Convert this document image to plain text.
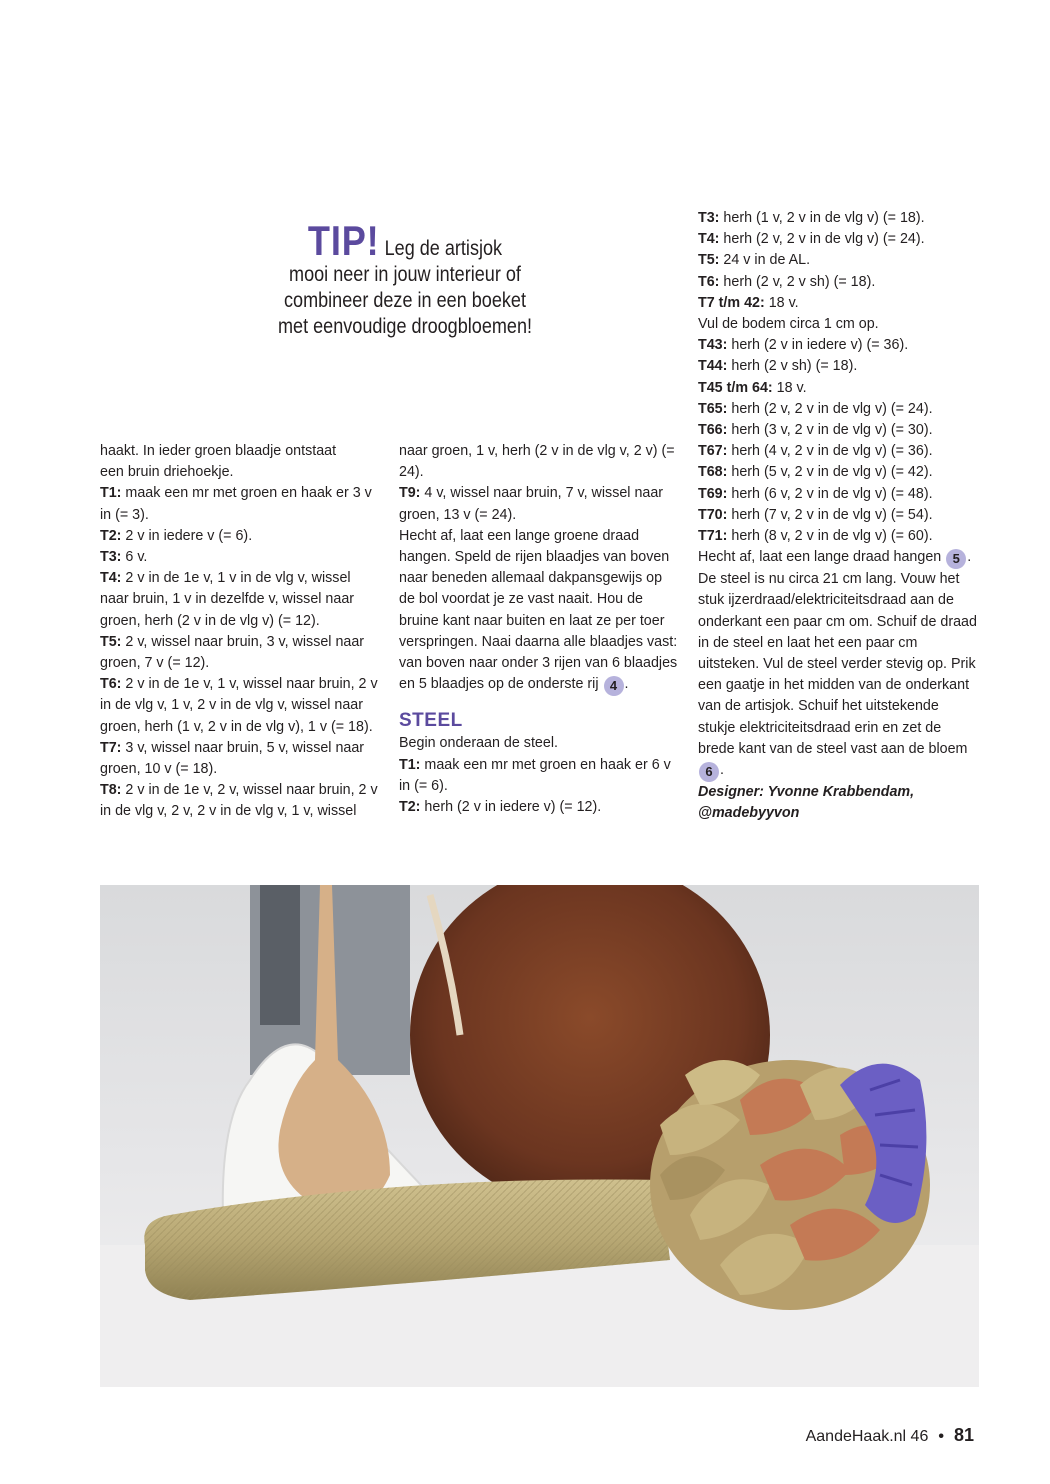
TIP! Leg de artisjok
mooi neer in jouw interieur of
combineer deze in een boeket
met eenvoudige droogbloemen!

haakt. In ieder groen blaadje ontstaat
een bruin driehoekje.

T1: maak een mr met groen en haak er 3 v in (= 3).

T2: 2 v in iedere v (= 6).

T3: 6 v.

T4: 2 v in de 1e v, 1 v in de vlg v, wissel naar bruin, 1 v in dezelfde v, wissel naar groen, herh (2 v in de vlg v) (= 12).

T5: 2 v, wissel naar bruin, 3 v, wissel naar groen, 7 v (= 12).

T6: 2 v in de 1e v, 1 v, wissel naar bruin, 2 v in de vlg v, 1 v, 2 v in de vlg v, wissel naar groen, herh (1 v, 2 v in de vlg v), 1 v (= 18).

T7: 3 v, wissel naar bruin, 5 v, wissel naar groen, 10 v (= 18).

T8: 2 v in de 1e v, 2 v, wissel naar bruin, 2 v in de vlg v, 2 v, 2 v in de vlg v, 1 v, wissel

naar groen, 1 v, herh (2 v in de vlg v, 2 v) (= 24).

T9: 4 v, wissel naar bruin, 7 v, wissel naar groen, 13 v (= 24).

Hecht af, laat een lange groene draad hangen. Speld de rijen blaadjes van boven naar beneden allemaal dakpansgewijs op de bol voordat je ze vast naait. Hou de bruine kant naar buiten en laat ze per toer verspringen. Naai daarna alle blaadjes vast: van boven naar onder 3 rijen van 6 blaadjes en 5 blaadjes op de onderste rij 4 .

STEEL

Begin onderaan de steel.

T1: maak een mr met groen en haak er 6 v in (= 6).

T2: herh (2 v in iedere v) (= 12).

T3: herh (1 v, 2 v in de vlg v) (= 18).

T4: herh (2 v, 2 v in de vlg v) (= 24).

T5: 24 v in de AL.

T6: herh (2 v, 2 v sh) (= 18).

T7 t/m 42: 18 v.

Vul de bodem circa 1 cm op.

T43: herh (2 v in iedere v) (= 36).

T44: herh (2 v sh) (= 18).

T45 t/m 64: 18 v.

T65: herh (2 v, 2 v in de vlg v) (= 24).

T66: herh (3 v, 2 v in de vlg v) (= 30).

T67: herh (4 v, 2 v in de vlg v) (= 36).

T68: herh (5 v, 2 v in de vlg v) (= 42).

T69: herh (6 v, 2 v in de vlg v) (= 48).

T70: herh (7 v, 2 v in de vlg v) (= 54).

T71: herh (8 v, 2 v in de vlg v) (= 60).

Hecht af, laat een lange draad hangen 5 .

De steel is nu circa 21 cm lang. Vouw het stuk ijzerdraad/elektriciteitsdraad aan de onderkant een paar cm om. Schuif de draad in de steel en laat het een paar cm uitsteken. Vul de steel verder stevig op. Prik een gaatje in het midden van de onderkant van de artisjok. Schuif het uitstekende stukje elektriciteitsdraad erin en zet de brede kant van de steel vast aan de bloem 6 .

Designer: Yvonne Krabbendam,

@madebyyvon

AandeHaak.nl 46 • 81
